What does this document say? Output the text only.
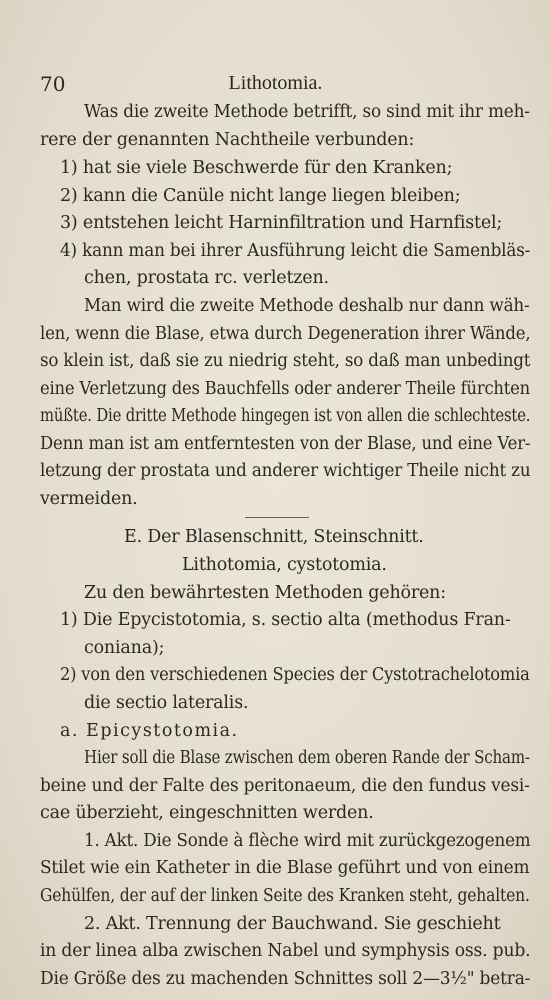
70	Lithotomia.
Was die zweite Methode betrifft, so sind mit ihr meh-
rere der genannten Nachtheile verbunden:
1) hat sie viele Beschwerde für den Kranken;
2) kann die Canüle nicht lange liegen bleiben;
3) entstehen leicht Harninfiltration und Harnfistel;
4) kann man bei ihrer Ausführung leicht die Samenbläs-
chen, prostata rc. verletzen.
Man wird die zweite Methode deshalb nur dann wäh-
len, wenn die Blase, etwa durch Degeneration ihrer Wände,
so klein ist, daß sie zu niedrig steht, so daß man unbedingt
eine Verletzung des Bauchfells oder anderer Theile fürchten
müßte. Die dritte Methode hingegen ist von allen die schlechteste.
Denn man ist am entferntesten von der Blase, und eine Ver-
letzung der prostata und anderer wichtiger Theile nicht zu
vermeiden.
E. Der Blasenschnitt, Steinschnitt.
Lithotomia, cystotomia.
Zu den bewährtesten Methoden gehören:
1) Die Epycistotomia, s. sectio alta (methodus Fran-
coniana);
2) von den verschiedenen Species der Cystotrachelotomia
die sectio lateralis.
a. Epicystotomia.
Hier soll die Blase zwischen dem oberen Rande der Scham-
beine und der Falte des peritonaeum, die den fundus vesi-
cae überzieht, eingeschnitten werden.
1. Akt. Die Sonde à flèche wird mit zurückgezogenem
Stilet wie ein Katheter in die Blase geführt und von einem
Gehülfen, der auf der linken Seite des Kranken steht, gehalten.
2. Akt. Trennung der Bauchwand. Sie geschieht
in der linea alba zwischen Nabel und symphysis oss. pub.
Die Größe des zu machenden Schnittes soll 2—3½" betra-
